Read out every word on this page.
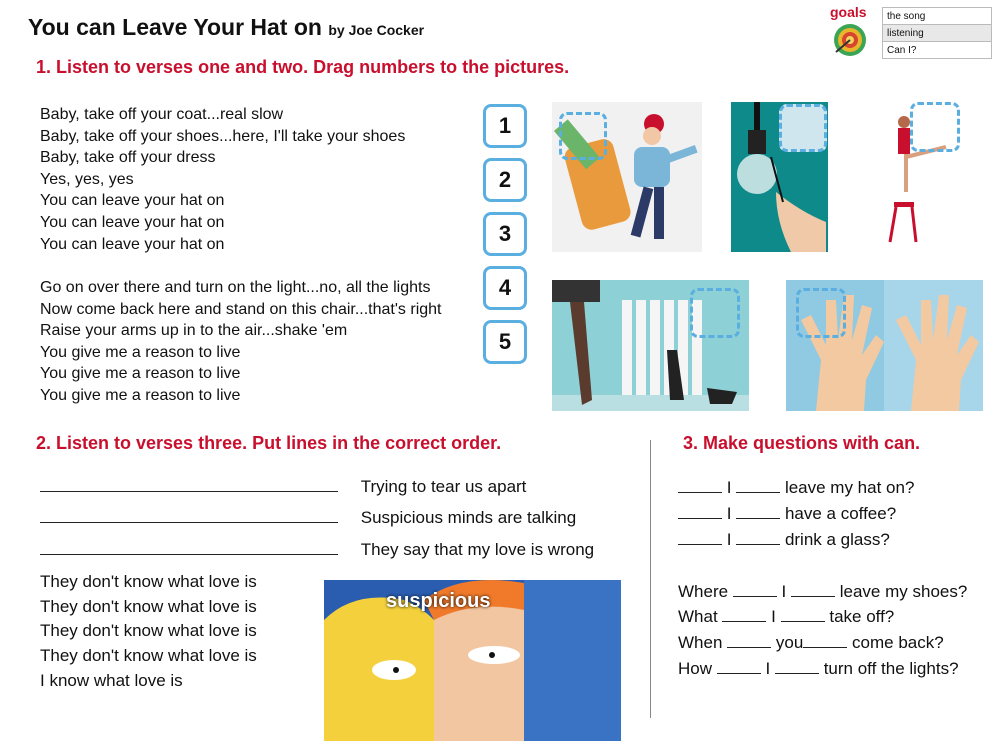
You can Leave Your Hat on by Joe Cocker
goals the song
listening
Can I?
1. Listen to verses one and two. Drag numbers to the pictures.
Baby, take off your coat...real slow
Baby, take off your shoes...here, I'll take your shoes
Baby, take off your dress
Yes, yes, yes
You can leave your hat on
You can leave your hat on
You can leave your hat on
Go on over there and turn on the light...no, all the lights
Now come back here and stand on this chair...that's right
Raise your arms up in to the air...shake 'em
You give me a reason to live
You give me a reason to live
You give me a reason to live
1
2
3
4
5
2. Listen to verses three. Put lines in the correct order.
Trying to tear us apart
Suspicious minds are talking
They say that my love is wrong
They don't know what love is
They don't know what love is
They don't know what love is
They don't know what love is
I know what love is
suspicious
3. Make questions with can.
I	leave my hat on?
I	have a coffee?
I	drink a glass?
Where	I	leave my shoes?
What	I	take off?
When	you	come back?
How	I	turn off the lights?
